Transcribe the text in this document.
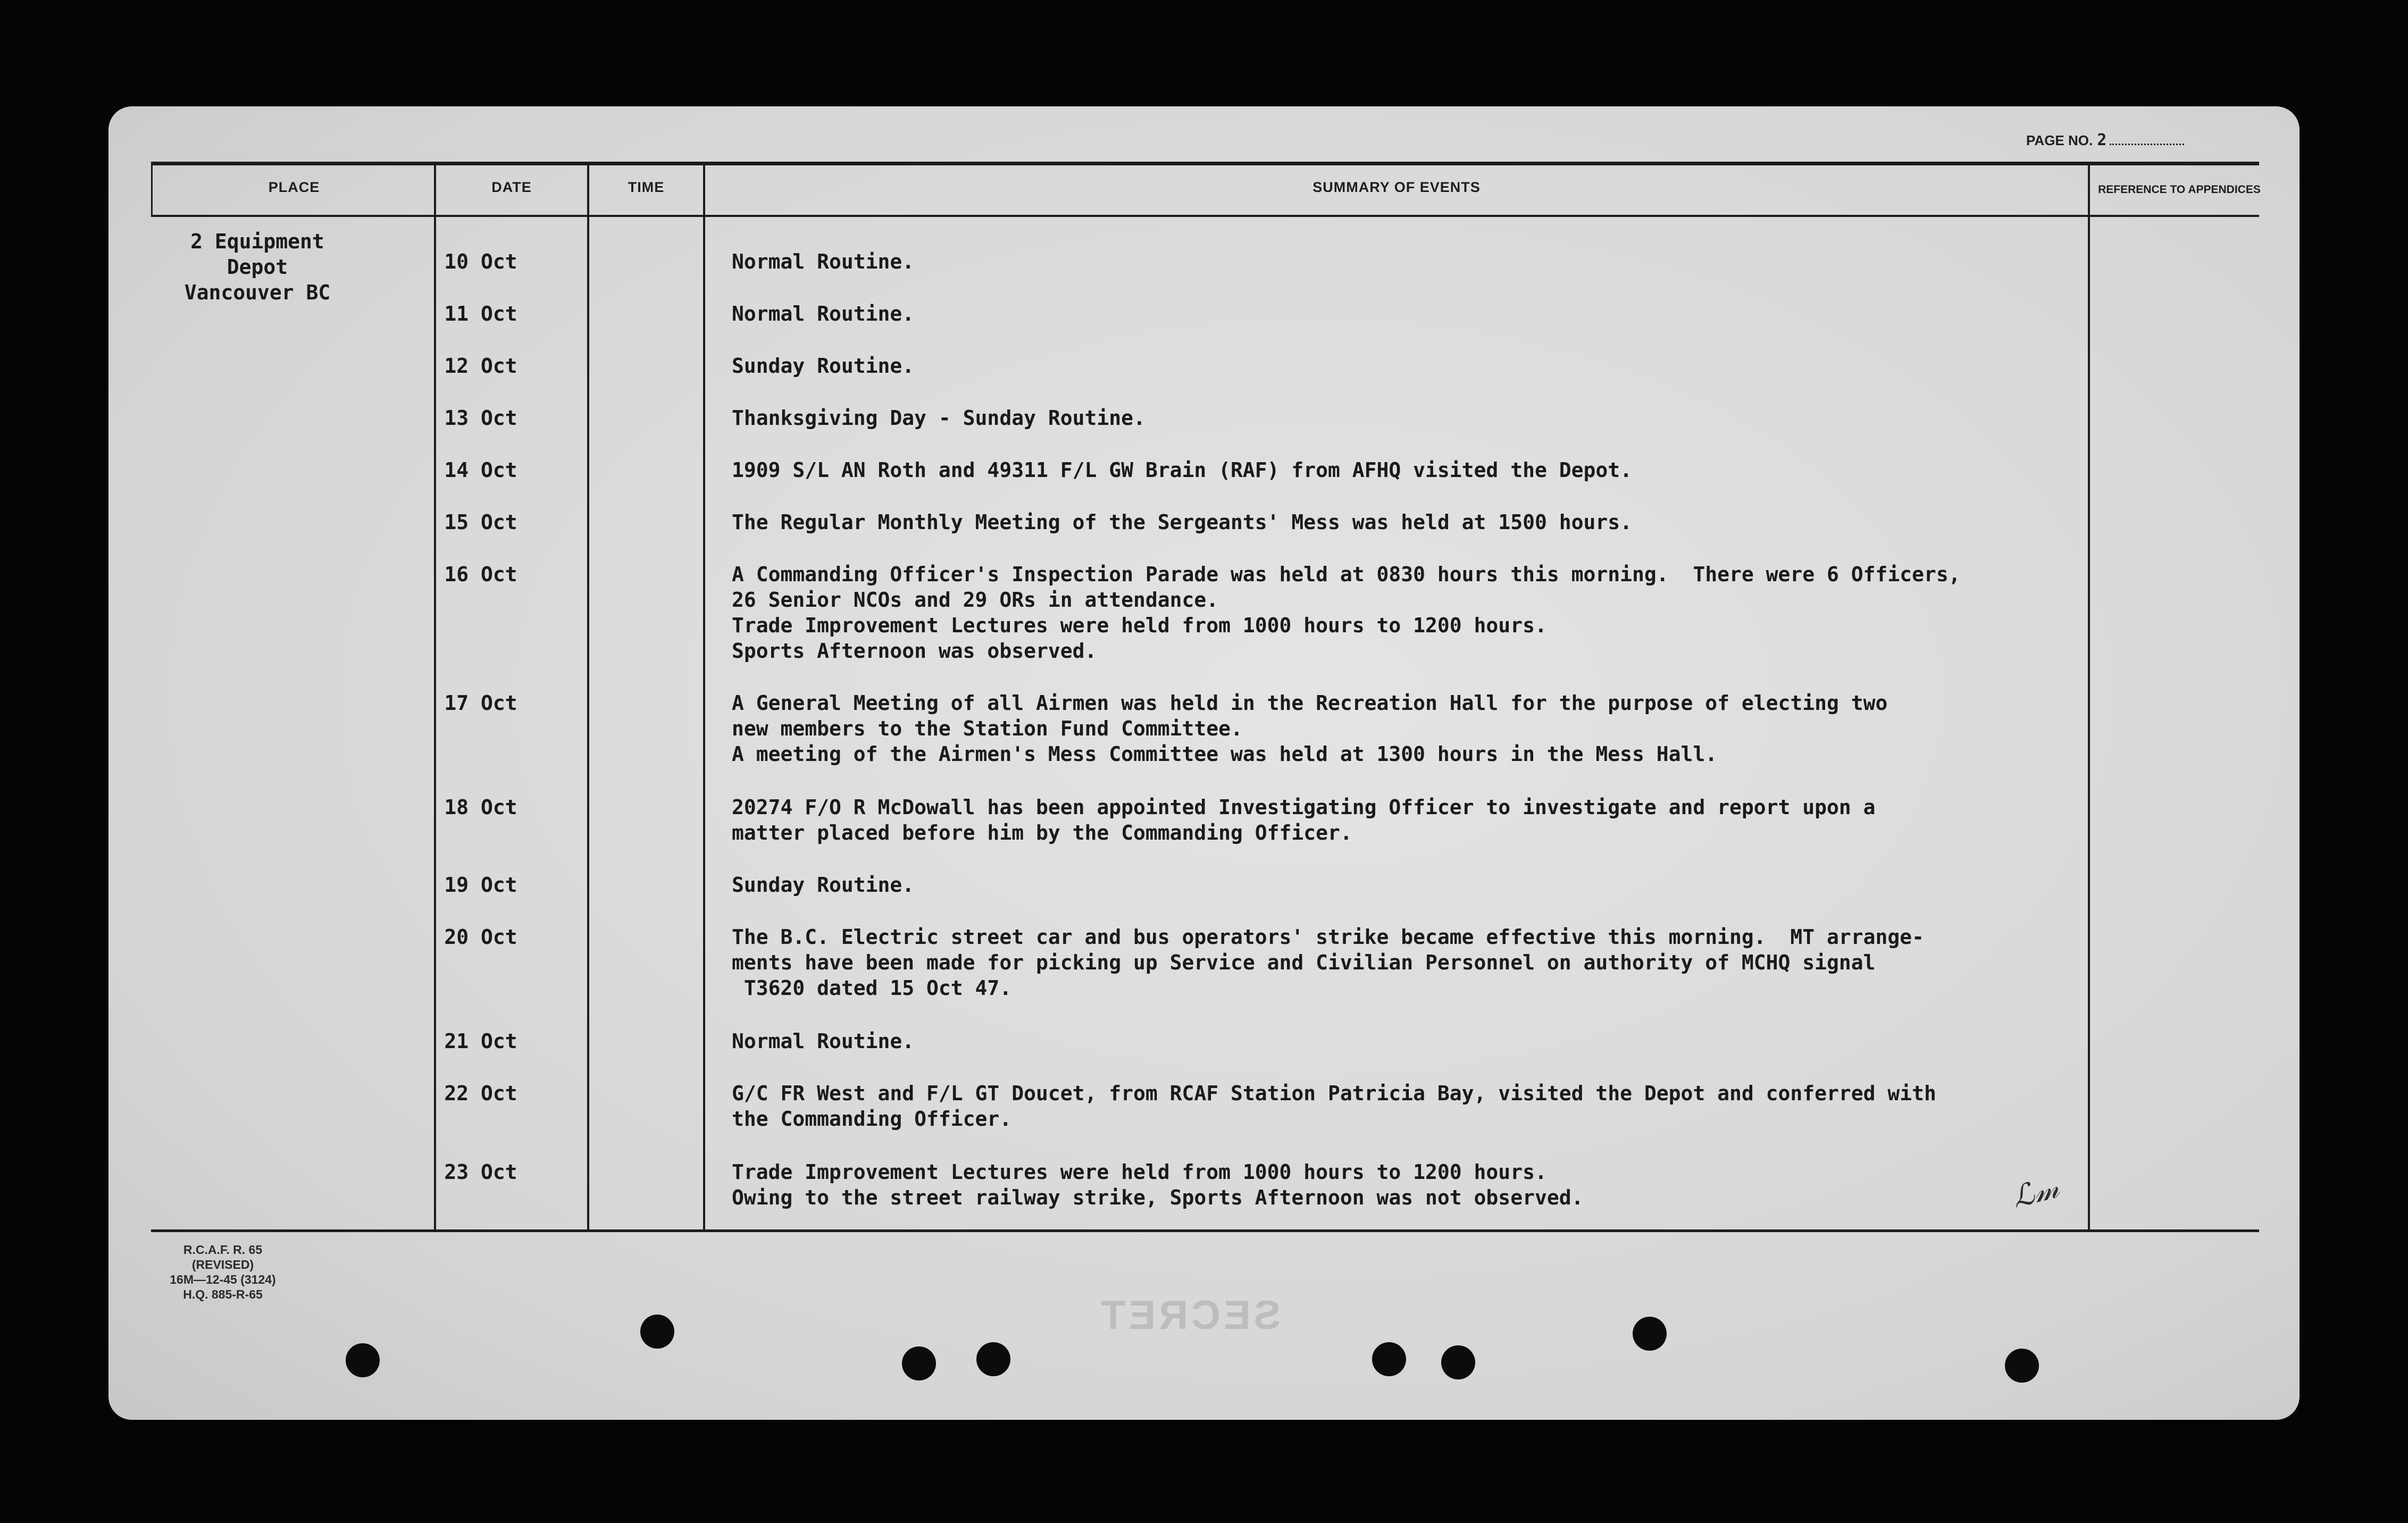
PAGE NO. 2
PLACE	DATE	TIME	SUMMARY OF EVENTS	REFERENCE TO APPENDICES
2 Equipment Depot
Vancouver BC
10 Oct	Normal Routine.
11 Oct	Normal Routine.
12 Oct	Sunday Routine.
13 Oct	Thanksgiving Day - Sunday Routine.
14 Oct	1909 S/L AN Roth and 49311 F/L GW Brain (RAF) from AFHQ visited the Depot.
15 Oct	The Regular Monthly Meeting of the Sergeants' Mess was held at 1500 hours.
16 Oct	A Commanding Officer's Inspection Parade was held at 0830 hours this morning.  There were 6 Officers,
26 Senior NCOs and 29 ORs in attendance.
Trade Improvement Lectures were held from 1000 hours to 1200 hours.
Sports Afternoon was observed.
17 Oct	A General Meeting of all Airmen was held in the Recreation Hall for the purpose of electing two
new members to the Station Fund Committee.
A meeting of the Airmen's Mess Committee was held at 1300 hours in the Mess Hall.
18 Oct	20274 F/O R McDowall has been appointed Investigating Officer to investigate and report upon a
matter placed before him by the Commanding Officer.
19 Oct	Sunday Routine.
20 Oct	The B.C. Electric street car and bus operators' strike became effective this morning.  MT arrange-
ments have been made for picking up Service and Civilian Personnel on authority of MCHQ signal
T3620 dated 15 Oct 47.
21 Oct	Normal Routine.
22 Oct	G/C FR West and F/L GT Doucet, from RCAF Station Patricia Bay, visited the Depot and conferred with
the Commanding Officer.
23 Oct	Trade Improvement Lectures were held from 1000 hours to 1200 hours.
Owing to the street railway strike, Sports Afternoon was not observed.	ℒ𝓂
R.C.A.F. R. 65 (REVISED)
16M—12-45 (3124)
H.Q. 885-R-65	SECRET
